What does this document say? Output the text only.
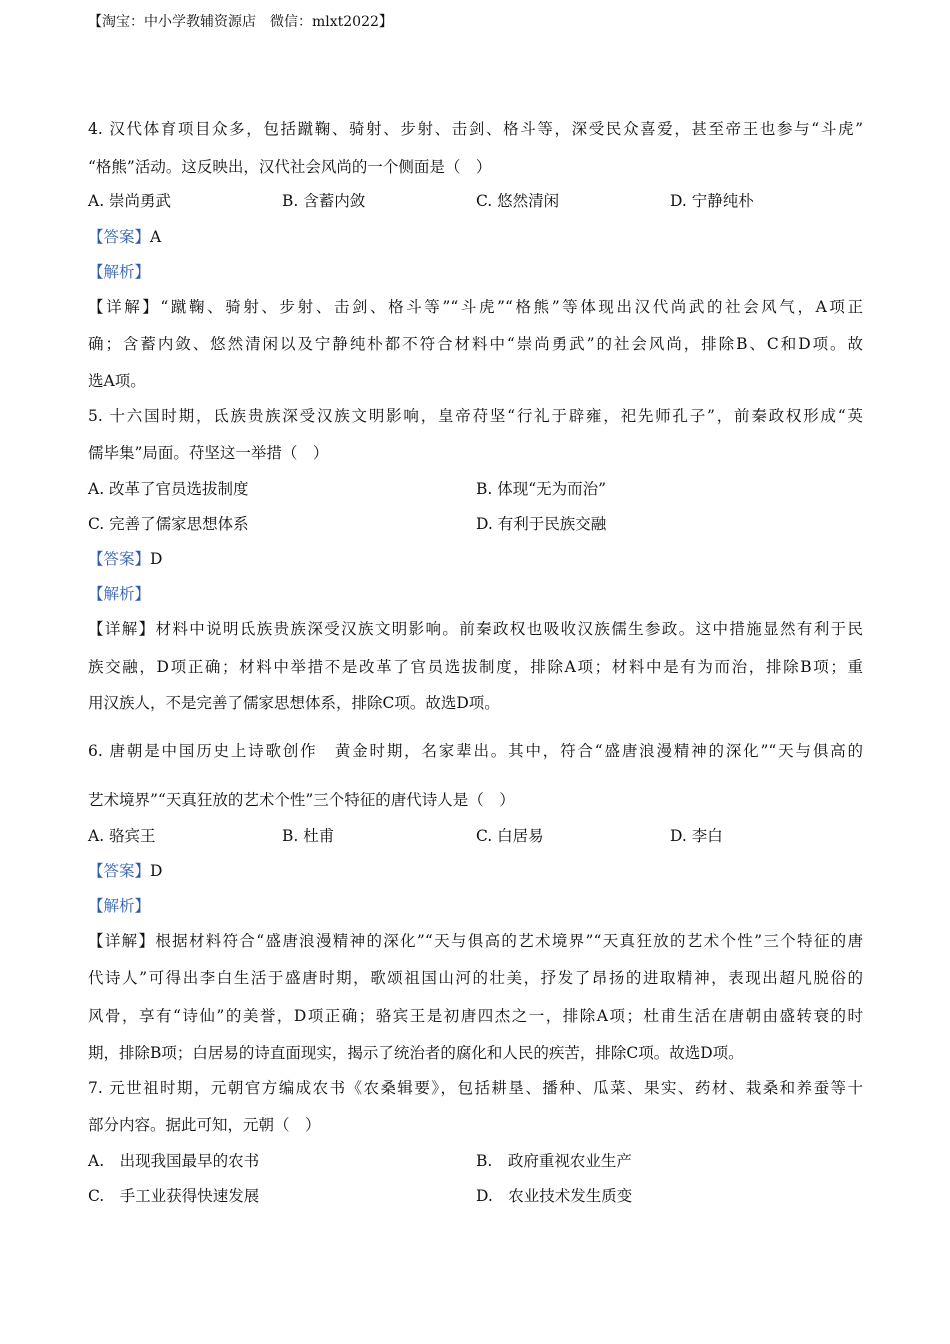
【淘宝：中小学教辅资源店　微信：mlxt2022】
4. 汉代体育项目众多，包括蹴鞠、骑射、步射、击剑、格斗等，深受民众喜爱，甚至帝王也参与“斗虎”
“格熊”活动。这反映出，汉代社会风尚的一个侧面是（　）
A. 崇尚勇武	B. 含蓄内敛	C. 悠然清闲	D. 宁静纯朴
【答案】A
【解析】
【详解】“蹴鞠、骑射、步射、击剑、格斗等”“斗虎”“格熊”等体现出汉代尚武的社会风气，A项正
确；含蓄内敛、悠然清闲以及宁静纯朴都不符合材料中“崇尚勇武”的社会风尚，排除B、C和D项。故
选A项。
5. 十六国时期，氐族贵族深受汉族文明影响，皇帝苻坚“行礼于辟雍，祀先师孔子”，前秦政权形成“英
儒毕集”局面。苻坚这一举措（　）
A. 改革了官员选拔制度	B. 体现“无为而治”
C. 完善了儒家思想体系	D. 有利于民族交融
【答案】D
【解析】
【详解】材料中说明氐族贵族深受汉族文明影响。前秦政权也吸收汉族儒生参政。这中措施显然有利于民
族交融，D项正确；材料中举措不是改革了官员选拔制度，排除A项；材料中是有为而治，排除B项；重
用汉族人，不是完善了儒家思想体系，排除C项。故选D项。
6. 唐朝是中国历史上诗歌创作　黄金时期，名家辈出。其中，符合“盛唐浪漫精神的深化”“天与俱高的
艺术境界”“天真狂放的艺术个性”三个特征的唐代诗人是（　）
A. 骆宾王	B. 杜甫	C. 白居易	D. 李白
【答案】D
【解析】
【详解】根据材料符合“盛唐浪漫精神的深化”“天与俱高的艺术境界”“天真狂放的艺术个性”三个特征的唐
代诗人”可得出李白生活于盛唐时期，歌颂祖国山河的壮美，抒发了昂扬的进取精神，表现出超凡脱俗的
风骨，享有“诗仙”的美誉，D项正确；骆宾王是初唐四杰之一，排除A项；杜甫生活在唐朝由盛转衰的时
期，排除B项；白居易的诗直面现实，揭示了统治者的腐化和人民的疾苦，排除C项。故选D项。
7. 元世祖时期，元朝官方编成农书《农桑辑要》，包括耕垦、播种、瓜菜、果实、药材、栽桑和养蚕等十
部分内容。据此可知，元朝（　）
A.　出现我国最早的农书	B.　政府重视农业生产
C.　手工业获得快速发展	D.　农业技术发生质变
